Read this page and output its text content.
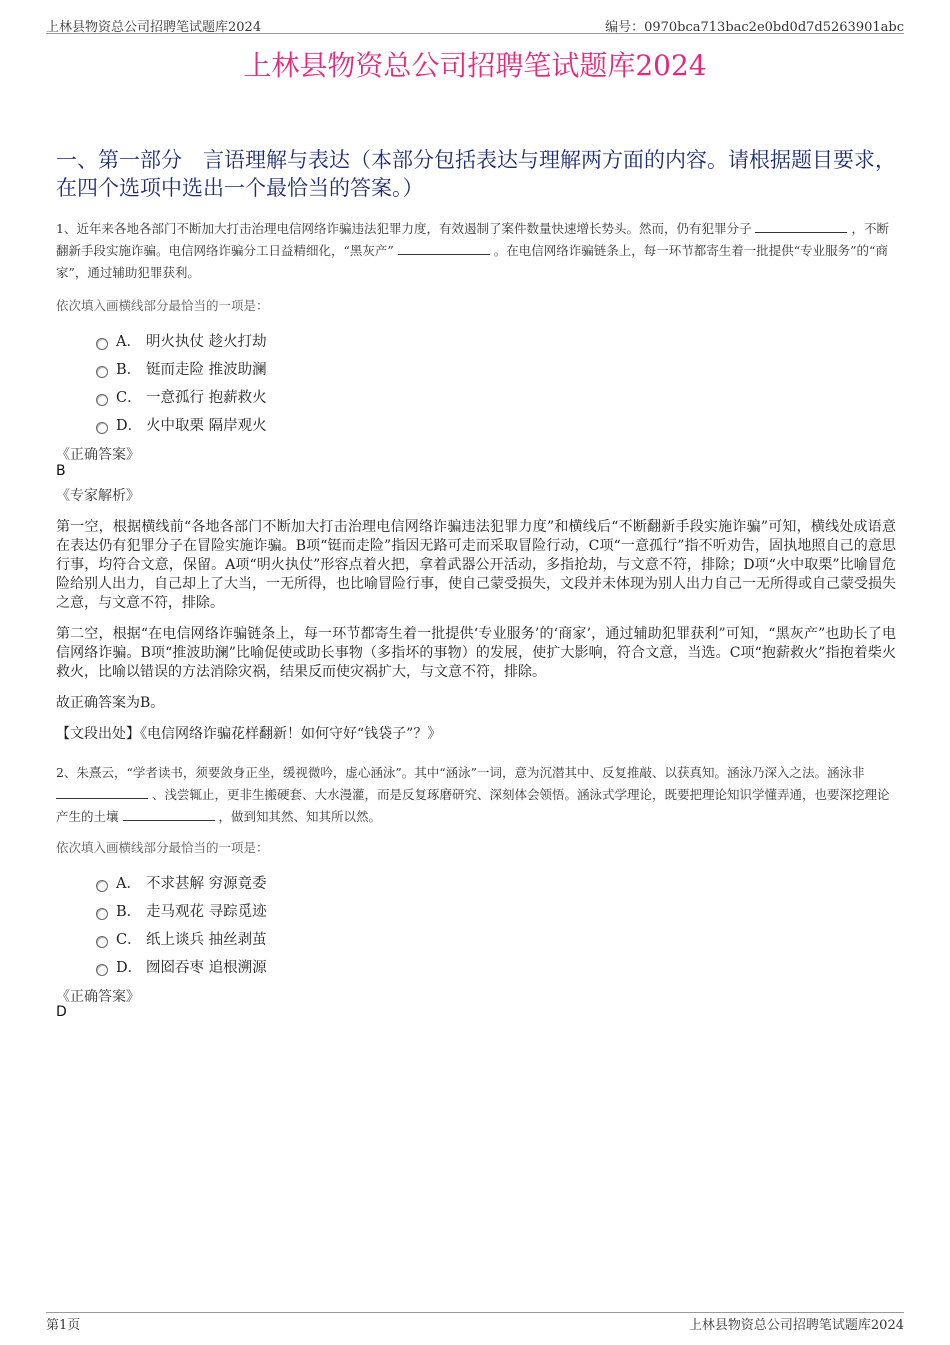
上林县物资总公司招聘笔试题库2024	编号：0970bca713bac2e0bd0d7d5263901abc
上林县物资总公司招聘笔试题库2024
一、第一部分　言语理解与表达（本部分包括表达与理解两方面的内容。请根据题目要求，在四个选项中选出一个最恰当的答案。）
1、近年来各地各部门不断加大打击治理电信网络诈骗违法犯罪力度，有效遏制了案件数量快速增长势头。然而，仍有犯罪分子	，不断翻新手段实施诈骗。电信网络诈骗分工日益精细化，“黑灰产”	。在电信网络诈骗链条上，每一环节都寄生着一批提供“专业服务”的“商家”，通过辅助犯罪获利。
依次填入画横线部分最恰当的一项是：
A． 明火执仗 趁火打劫
B． 铤而走险 推波助澜
C． 一意孤行 抱薪救火
D． 火中取栗 隔岸观火
《正确答案》
B
《专家解析》
第一空，根据横线前“各地各部门不断加大打击治理电信网络诈骗违法犯罪力度”和横线后“不断翻新手段实施诈骗”可知，横线处成语意在表达仍有犯罪分子在冒险实施诈骗。B项“铤而走险”指因无路可走而采取冒险行动，C项“一意孤行”指不听劝告，固执地照自己的意思行事，均符合文意，保留。A项“明火执仗”形容点着火把，拿着武器公开活动，多指抢劫，与文意不符，排除；D项“火中取栗”比喻冒危险给别人出力，自己却上了大当，一无所得，也比喻冒险行事，使自己蒙受损失，文段并未体现为别人出力自己一无所得或自己蒙受损失之意，与文意不符，排除。
第二空，根据“在电信网络诈骗链条上，每一环节都寄生着一批提供‘专业服务’的‘商家’，通过辅助犯罪获利”可知，“黑灰产”也助长了电信网络诈骗。B项“推波助澜”比喻促使或助长事物（多指坏的事物）的发展，使扩大影响，符合文意，当选。C项“抱薪救火”指抱着柴火救火，比喻以错误的方法消除灾祸，结果反而使灾祸扩大，与文意不符，排除。
故正确答案为B。
【文段出处】《电信网络诈骗花样翻新！如何守好“钱袋子”？》
2、朱熹云，“学者读书，须要敛身正坐，缓视微吟，虚心涵泳”。其中“涵泳”一词，意为沉潜其中、反复推敲、以获真知。涵泳乃深入之法。涵泳非  、浅尝辄止，更非生搬硬套、大水漫灌，而是反复琢磨研究、深刻体会领悟。涵泳式学理论，既要把理论知识学懂弄通，也要深挖理论产生的土壤	，做到知其然、知其所以然。
依次填入画横线部分最恰当的一项是：
A． 不求甚解 穷源竟委
B． 走马观花 寻踪觅迹
C． 纸上谈兵 抽丝剥茧
D． 囫囵吞枣 追根溯源
《正确答案》
D
第1页	上林县物资总公司招聘笔试题库2024
